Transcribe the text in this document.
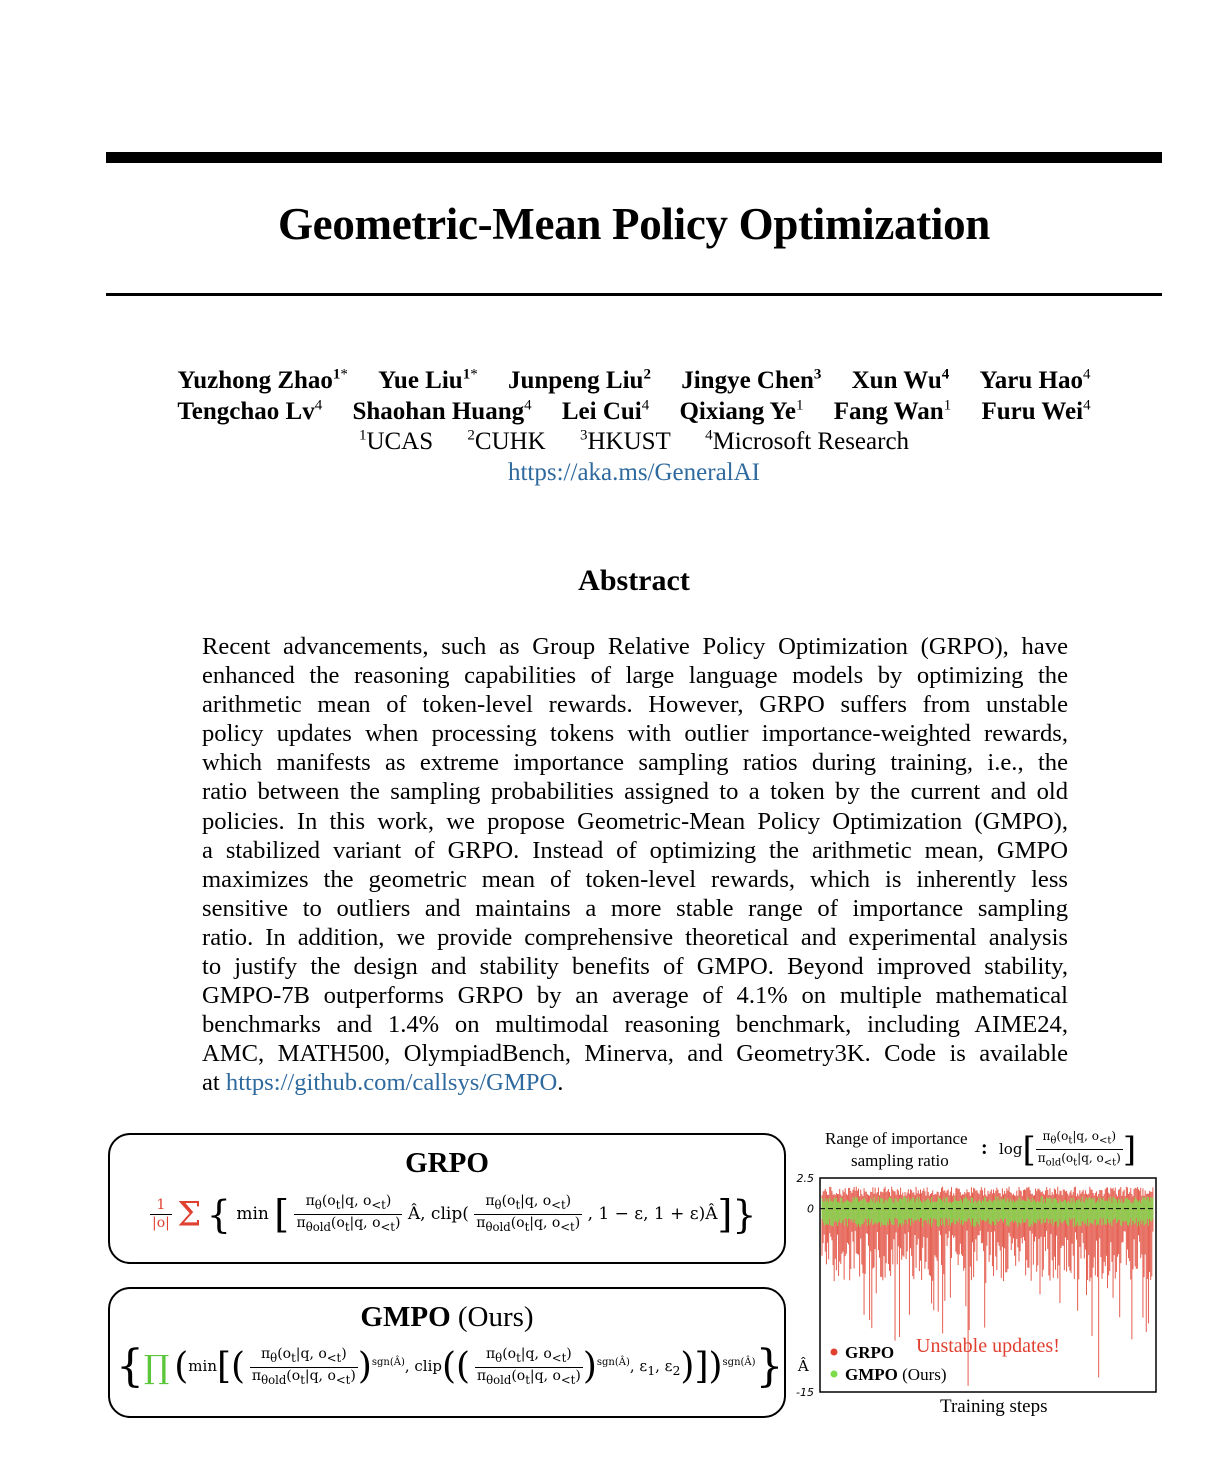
Geometric-Mean Policy Optimization
Yuzhong Zhao$^{1*}$ Yue Liu$^{1*}$ Junpeng Liu$^2$ Jingye Chen$^3$ Xun Wu$^4$ Yaru Hao$^4$
Tengchao Lv$^4$ Shaohan Huang$^4$ Lei Cui$^4$ Qixiang Ye$^1$ Fang Wan$^1$ Furu Wei$^4$
$^1$UCAS $^2$CUHK $^3$HKUST $^4$Microsoft Research
https://aka.ms/GeneralAI
Abstract
Recent advancements, such as Group Relative Policy Optimization (GRPO), have
enhanced the reasoning capabilities of large language models by optimizing the
arithmetic mean of token-level rewards. However, GRPO suffers from unstable
policy updates when processing tokens with outlier importance-weighted rewards,
which manifests as extreme importance sampling ratios during training, i.e., the
ratio between the sampling probabilities assigned to a token by the current and old
policies. In this work, we propose Geometric-Mean Policy Optimization (GMPO),
a stabilized variant of GRPO. Instead of optimizing the arithmetic mean, GMPO
maximizes the geometric mean of token-level rewards, which is inherently less
sensitive to outliers and maintains a more stable range of importance sampling
ratio. In addition, we provide comprehensive theoretical and experimental analysis
to justify the design and stability benefits of GMPO. Beyond improved stability,
GMPO-7B outperforms GRPO by an average of 4.1% on multiple mathematical
benchmarks and 1.4% on multimodal reasoning benchmark, including AIME24,
AMC, MATH500, OlympiadBench, Minerva, and Geometry3K. Code is available
at https://github.com/callsys/GMPO.
GRPO
$\frac{1}{|o|}$ Σ { min [ $\frac{\pi_\theta(o_t|q, o_{<t})}{\pi_{\theta old}(o_t|q, o_{<t})}$ Â, clip( $\frac{\pi_\theta(o_t|q, o_{<t})}{\pi_{\theta old}(o_t|q, o_{<t})}$ , 1 − ε, 1 + ε)Â]}
GMPO (Ours)
{∏ ($\min[( \frac{\pi_\theta(o_t|q, o_{<t})}{\pi_{\theta old}(o_t|q, o_{<t})} )^{sgn(Â)}$, clip(( $\frac{\pi_\theta(o_t|q, o_{<t})}{\pi_{\theta old}(o_t|q, o_{<t})} )^{sgn(Â)}$, $\varepsilon_1$, $\varepsilon_2)])^{sgn(Â)}$}   Â
Range of importance
sampling ratio
: $\log[ \frac{\pi_\theta(o_t|q, o_{<t})}{\pi_{old}(o_t|q, o_{<t})}$ ]
2.5
0
-15
Unstable updates!
GRPO
GMPO (Ours)
Training steps
